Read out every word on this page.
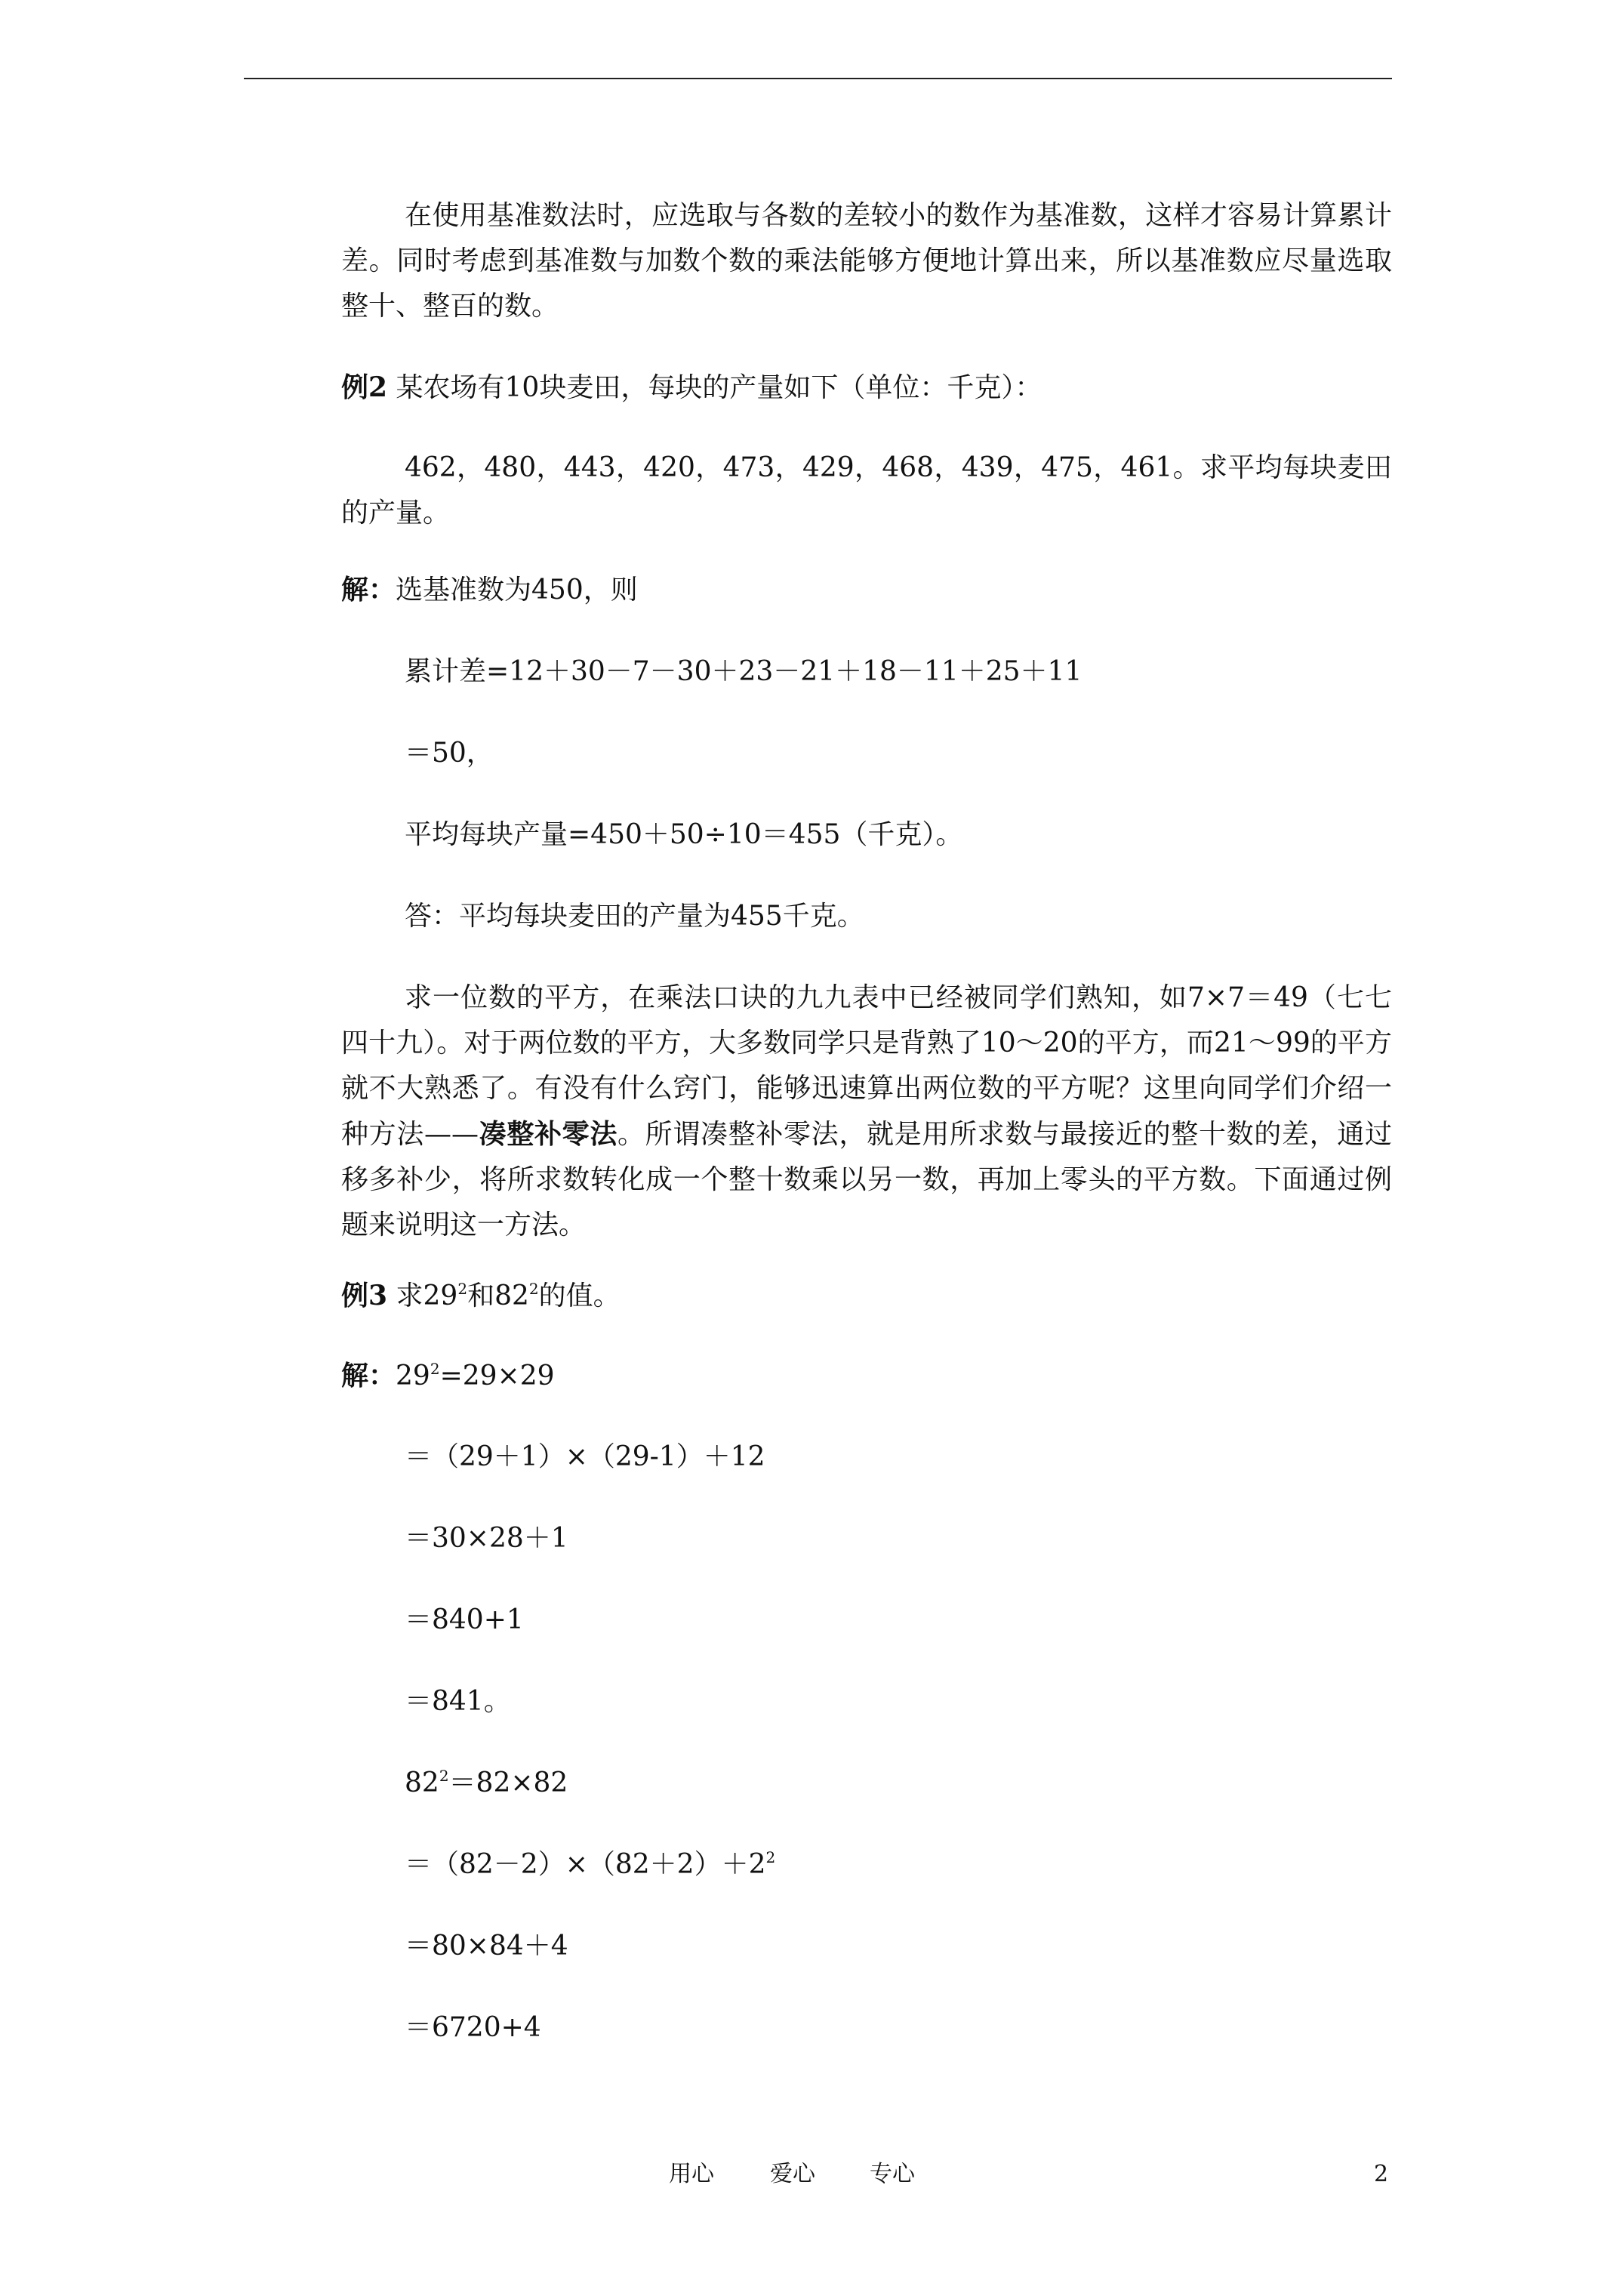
在使用基准数法时，应选取与各数的差较小的数作为基准数，这样才容易计算累计差。同时考虑到基准数与加数个数的乘法能够方便地计算出来，所以基准数应尽量选取整十、整百的数。

例2 某农场有10块麦田，每块的产量如下（单位：千克）：

462，480，443，420，473，429，468，439，475，461。求平均每块麦田的产量。

解：选基准数为450，则

累计差=12＋30－7－30＋23－21＋18－11＋25＋11

＝50，

平均每块产量=450＋50÷10＝455（千克）。

答：平均每块麦田的产量为455千克。

求一位数的平方，在乘法口诀的九九表中已经被同学们熟知，如7×7＝49（七七四十九）。对于两位数的平方，大多数同学只是背熟了10～20的平方，而21～99的平方就不大熟悉了。有没有什么窍门，能够迅速算出两位数的平方呢？这里向同学们介绍一种方法——凑整补零法。所谓凑整补零法，就是用所求数与最接近的整十数的差，通过移多补少，将所求数转化成一个整十数乘以另一数，再加上零头的平方数。下面通过例题来说明这一方法。

例3 求$29^2$和$82^2$的值。

解：$29^2=29\times 29$

＝（29＋1）×（29-1）＋12

＝30×28＋1

＝840+1

＝841。

$82^2=82\times 82$

$=(82-2)\times(82+2)+2^2$

＝80×84＋4

＝6720+4

用心 爱心 专心	2
